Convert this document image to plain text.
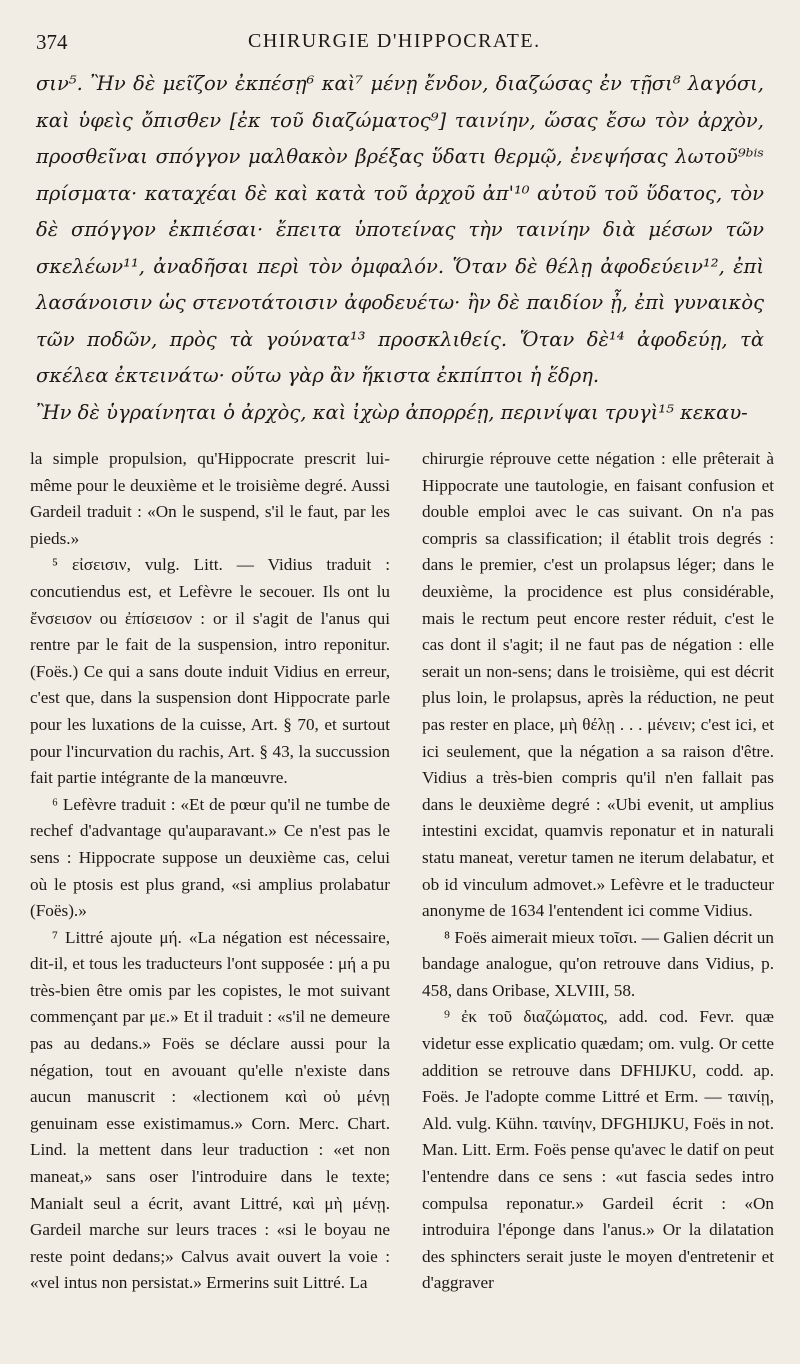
374	CHIRURGIE D'HIPPOCRATE.

σιν⁵. Ἢν δὲ μεῖζον ἐκπέσῃ⁶ καὶ⁷ μένῃ ἔνδον, διαζώσας ἐν τῇσι⁸ λαγόσι, καὶ ὑφεὶς ὄπισθεν [ἐκ τοῦ διαζώματος⁹] ταινίην, ὥσας ἔσω τὸν ἀρχὸν, προσθεῖναι σπόγγον μαλθακὸν βρέξας ὕδατι θερμῷ, ἐνεψήσας λωτοῦ⁹ᵇⁱˢ πρίσματα· καταχέαι δὲ καὶ κατὰ τοῦ ἀρχοῦ ἀπ'¹⁰ αὐτοῦ τοῦ ὕδατος, τὸν δὲ σπόγγον ἐκπιέσαι· ἔπειτα ὑποτείνας τὴν ταινίην διὰ μέσων τῶν σκελέων¹¹, ἀναδῆσαι περὶ τὸν ὀμφαλόν. Ὅταν δὲ θέλῃ ἀφοδεύειν¹², ἐπὶ λασάνοισιν ὡς στενοτάτοισιν ἀφοδευέτω· ἢν δὲ παιδίον ᾖ, ἐπὶ γυναικὸς τῶν ποδῶν, πρὸς τὰ γούνατα¹³ προσκλιθείς. Ὅταν δὲ¹⁴ ἀφοδεύῃ, τὰ σκέλεα ἐκτεινάτω· οὕτω γὰρ ἂν ἥκιστα ἐκπίπτοι ἡ ἕδρη.

Ἢν δὲ ὑγραίνηται ὁ ἀρχὸς, καὶ ἰχὼρ ἀπορρέῃ, περινίψαι τρυγὶ¹⁵ κεκαυ-

la simple propulsion, qu'Hippocrate prescrit lui-même pour le deuxième et le troisième degré. Aussi Gardeil traduit : «On le suspend, s'il le faut, par les pieds.»

⁵ εἰσεισιν, vulg. Litt. — Vidius traduit : concutiendus est, et Lefèvre le secouer. Ils ont lu ἔνσεισον ou ἐπίσεισον : or il s'agit de l'anus qui rentre par le fait de la suspension, intro reponitur. (Foës.) Ce qui a sans doute induit Vidius en erreur, c'est que, dans la suspension dont Hippocrate parle pour les luxations de la cuisse, Art. § 70, et surtout pour l'incurvation du rachis, Art. § 43, la succussion fait partie intégrante de la manœuvre.

⁶ Lefèvre traduit : «Et de pœur qu'il ne tumbe de rechef d'advantage qu'auparavant.» Ce n'est pas le sens : Hippocrate suppose un deuxième cas, celui où le ptosis est plus grand, «si amplius prolabatur (Foës).»

⁷ Littré ajoute μή. «La négation est nécessaire, dit-il, et tous les traducteurs l'ont supposée : μή a pu très-bien être omis par les copistes, le mot suivant commençant par με.» Et il traduit : «s'il ne demeure pas au dedans.» Foës se déclare aussi pour la négation, tout en avouant qu'elle n'existe dans aucun manuscrit : «lectionem καὶ οὐ μένῃ genuinam esse existimamus.» Corn. Merc. Chart. Lind. la mettent dans leur traduction : «et non maneat,» sans oser l'introduire dans le texte; Manialt seul a écrit, avant Littré, καὶ μὴ μένῃ. Gardeil marche sur leurs traces : «si le boyau ne reste point dedans;» Calvus avait ouvert la voie : «vel intus non persistat.» Ermerins suit Littré. La

chirurgie réprouve cette négation : elle prêterait à Hippocrate une tautologie, en faisant confusion et double emploi avec le cas suivant. On n'a pas compris sa classification; il établit trois degrés : dans le premier, c'est un prolapsus léger; dans le deuxième, la procidence est plus considérable, mais le rectum peut encore rester réduit, c'est le cas dont il s'agit; il ne faut pas de négation : elle serait un non-sens; dans le troisième, qui est décrit plus loin, le prolapsus, après la réduction, ne peut pas rester en place, μὴ θέλῃ . . . μένειν; c'est ici, et ici seulement, que la négation a sa raison d'être. Vidius a très-bien compris qu'il n'en fallait pas dans le deuxième degré : «Ubi evenit, ut amplius intestini excidat, quamvis reponatur et in naturali statu maneat, veretur tamen ne iterum delabatur, et ob id vinculum admovet.» Lefèvre et le traducteur anonyme de 1634 l'entendent ici comme Vidius.

⁸ Foës aimerait mieux τοῖσι. — Galien décrit un bandage analogue, qu'on retrouve dans Vidius, p. 458, dans Oribase, XLVIII, 58.

⁹ ἐκ τοῦ διαζώματος, add. cod. Fevr. quæ videtur esse explicatio quædam; om. vulg. Or cette addition se retrouve dans DFHIJKU, codd. ap. Foës. Je l'adopte comme Littré et Erm. — ταινίῃ, Ald. vulg. Kühn. ταινίην, DFGHIJKU, Foës in not. Man. Litt. Erm. Foës pense qu'avec le datif on peut l'entendre dans ce sens : «ut fascia sedes intro compulsa reponatur.» Gardeil écrit : «On introduira l'éponge dans l'anus.» Or la dilatation des sphincters serait juste le moyen d'entretenir et d'aggraver
